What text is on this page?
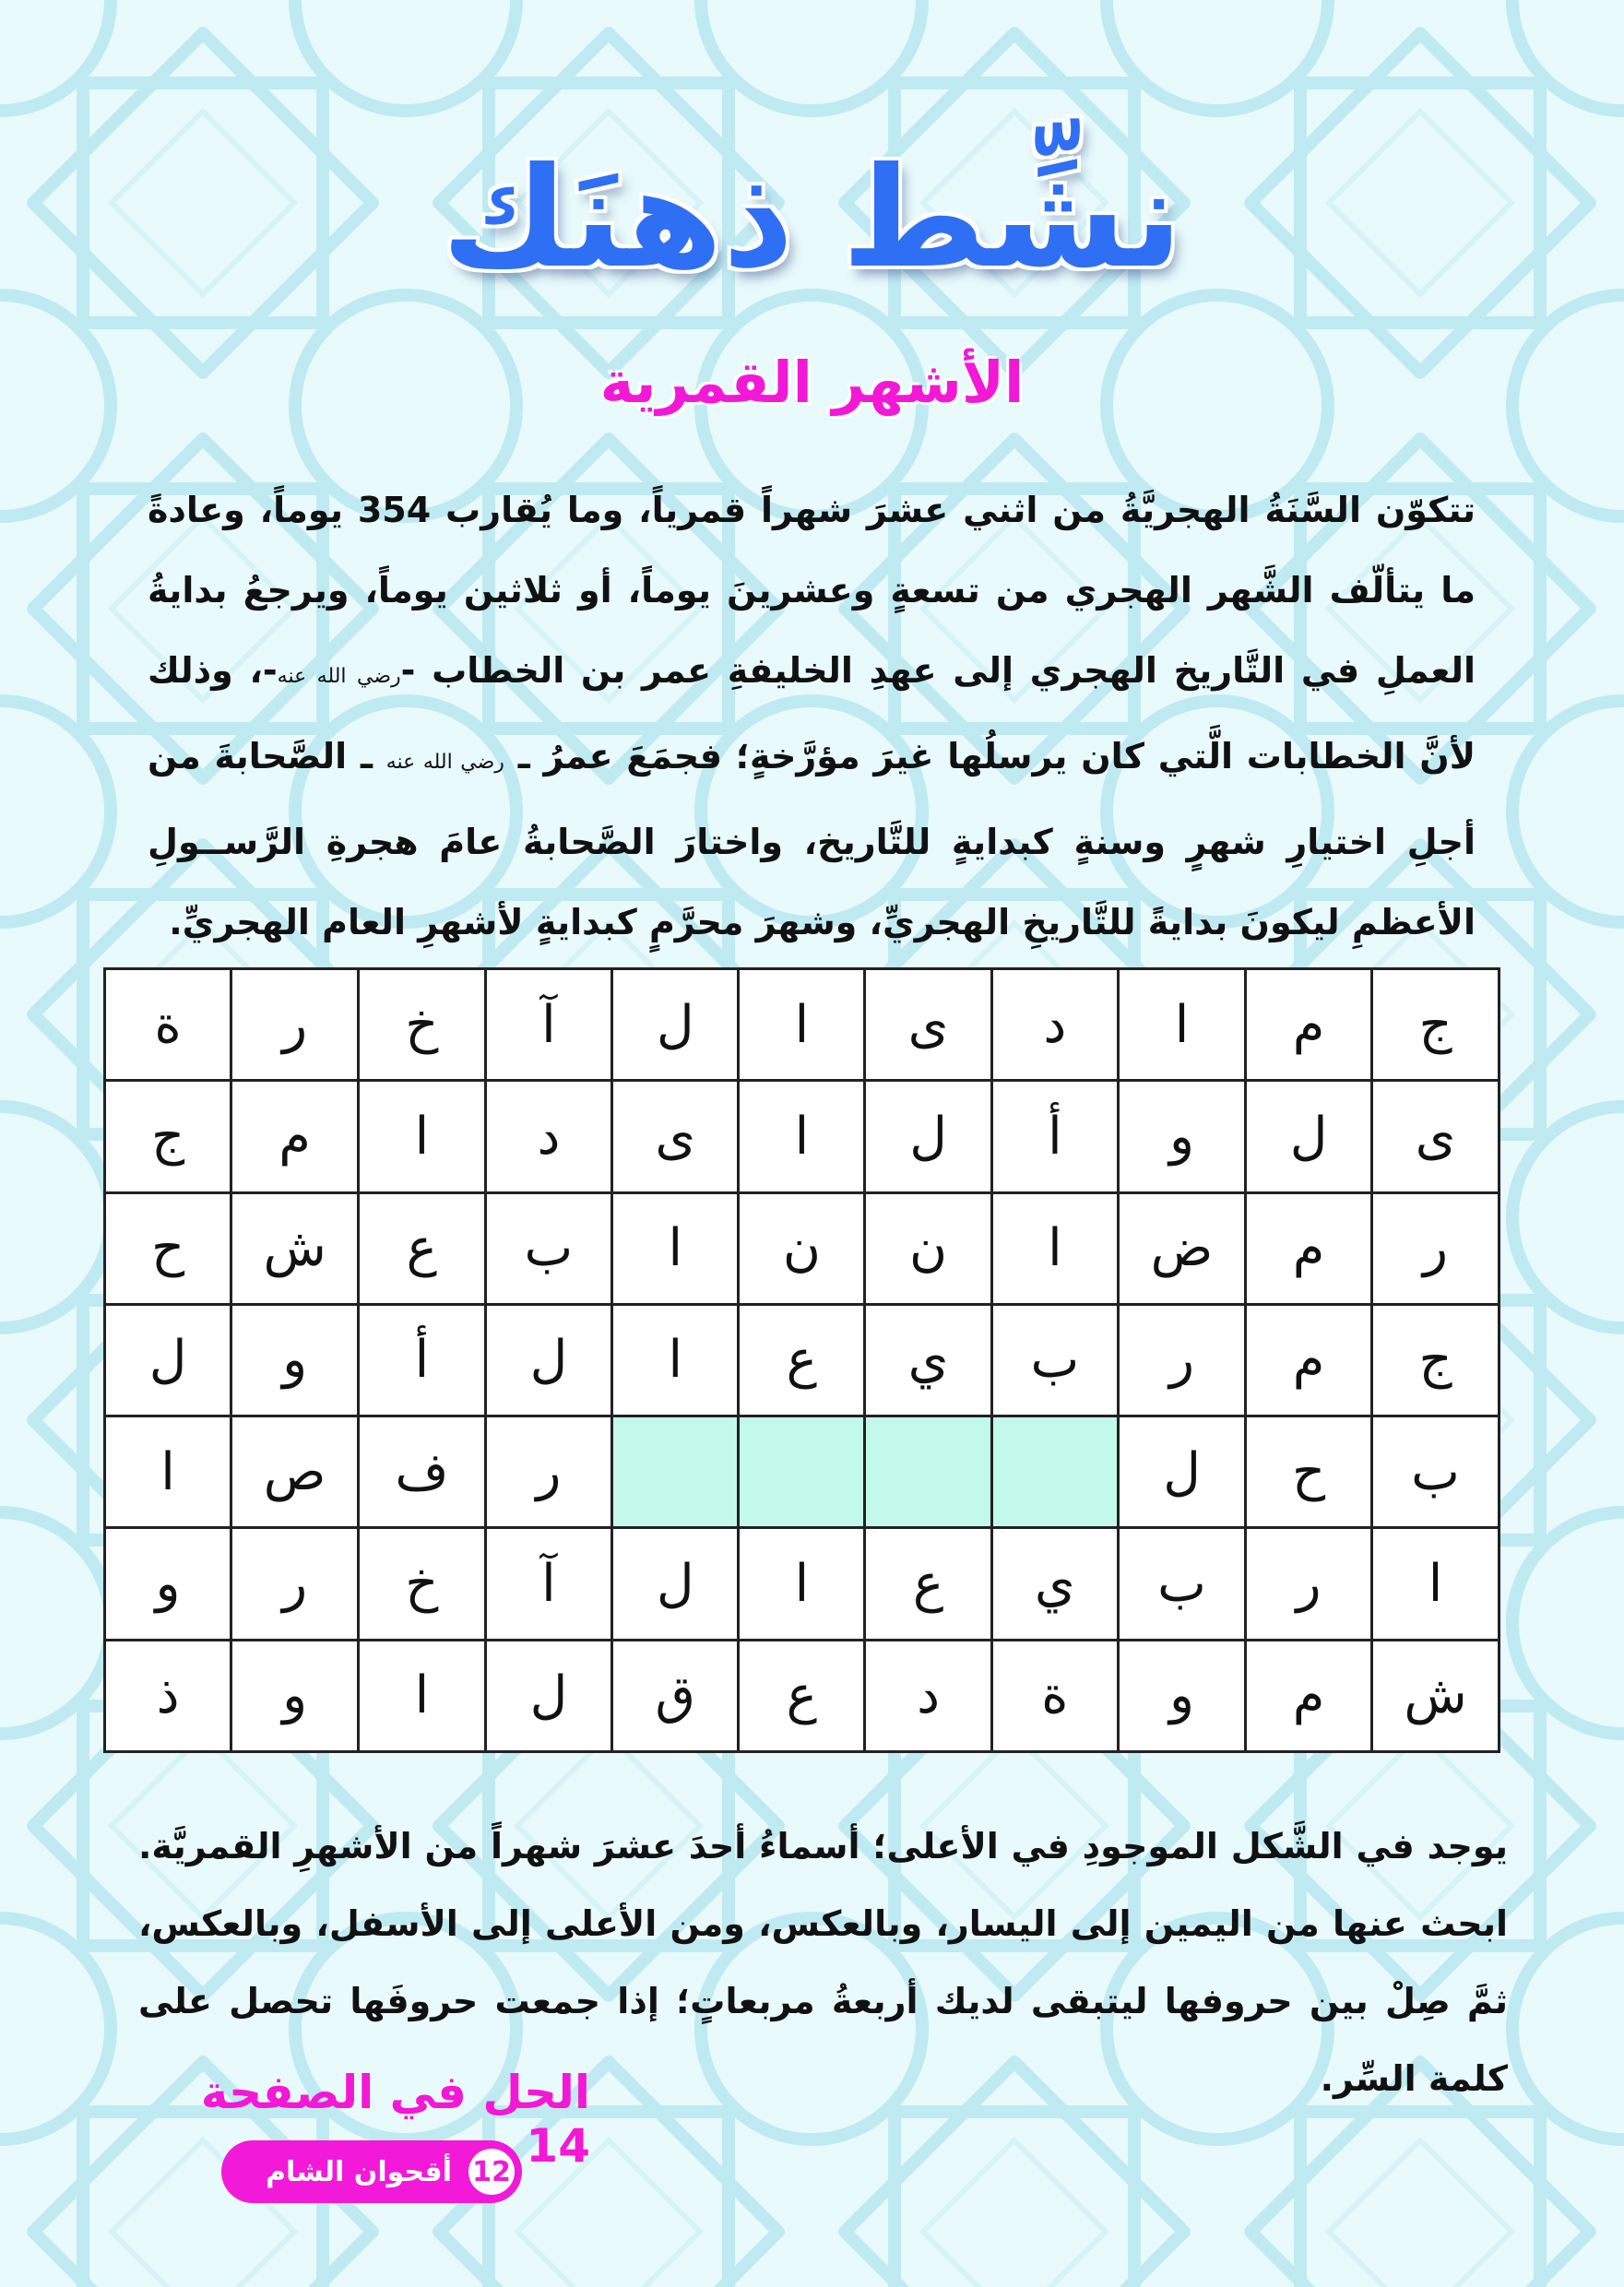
نشِّط ذهنَك
الأشهر القمرية
تتكوّن السَّنَةُ الهجريَّةُ من اثني عشرَ شهراً قمرياً، وما يُقارب 354 يوماً، وعادةً ما يتألّف الشَّهر الهجري من تسعةٍ وعشرينَ يوماً، أو ثلاثين يوماً، ويرجعُ بدايةُ العملِ في التَّاريخ الهجري إلى عهدِ الخليفةِ عمر بن الخطاب -رضي الله عنه-، وذلك لأنَّ الخطابات الَّتي كان يرسلُها غيرَ مؤرَّخةٍ؛ فجمَعَ عمرُ ـ رضي الله عنه ـ الصَّحابةَ من أجلِ اختيارِ شهرٍ وسنةٍ كبدايةٍ للتَّاريخ، واختارَ الصَّحابةُ عامَ هجرةِ الرَّســولِ الأعظمِ ليكونَ بدايةً للتَّاريخِ الهجريِّ، وشهرَ محرَّمٍ كبدايةٍ لأشهرِ العام الهجريِّ.
ج	م	ا	د	ى	ا	ل	آ	خ	ر	ة
ى	ل	و	أ	ل	ا	ى	د	ا	م	ج
ر	م	ض	ا	ن	ن	ا	ب	ع	ش	ح
ج	م	ر	ب	ي	ع	ا	ل	أ	و	ل
ب	ح	ل					ر	ف	ص	ا
ا	ر	ب	ي	ع	ا	ل	آ	خ	ر	و
ش	م	و	ة	د	ع	ق	ل	ا	و	ذ
يوجد في الشَّكل الموجودِ في الأعلى؛ أسماءُ أحدَ عشرَ شهراً من الأشهرِ القمريَّة. ابحث عنها من اليمين إلى اليسار، وبالعكس، ومن الأعلى إلى الأسفل، وبالعكس، ثمَّ صِلْ بين حروفها ليتبقى لديك أربعةُ مربعاتٍ؛ إذا جمعت حروفَها تحصل على كلمة السِّر.
الحل في الصفحة 14
12
أقحوان الشام
